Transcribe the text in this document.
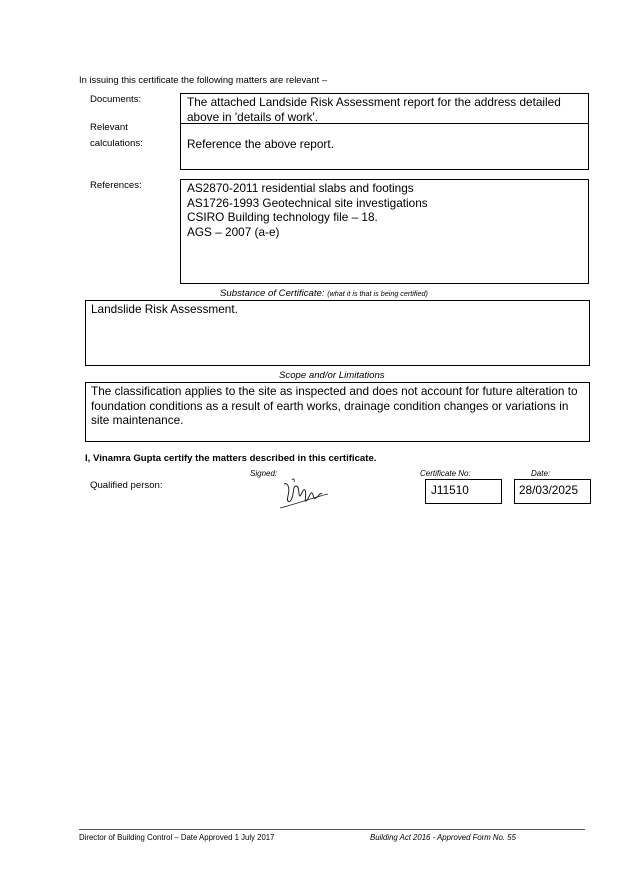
In issuing this certificate the following matters are relevant –
Documents:	The attached Landside Risk Assessment report for the address detailed above in 'details of work'.
Relevant
calculations:	Reference the above report.
References:	AS2870-2011 residential slabs and footings
AS1726-1993 Geotechnical site investigations
CSIRO Building technology file – 18.
AGS – 2007 (a-e)
Substance of Certificate: (what it is that is being certified)
Landslide Risk Assessment.
Scope and/or Limitations
The classification applies to the site as inspected and does not account for future alteration to foundation conditions as a result of earth works, drainage condition changes or variations in site maintenance.
I, Vinamra Gupta certify the matters described in this certificate.
Qualified person:
Signed:	Certificate No:
J11510
Date:
28/03/2025
Director of Building Control – Date Approved 1 July 2017	Building Act 2016 - Approved Form No. 55
